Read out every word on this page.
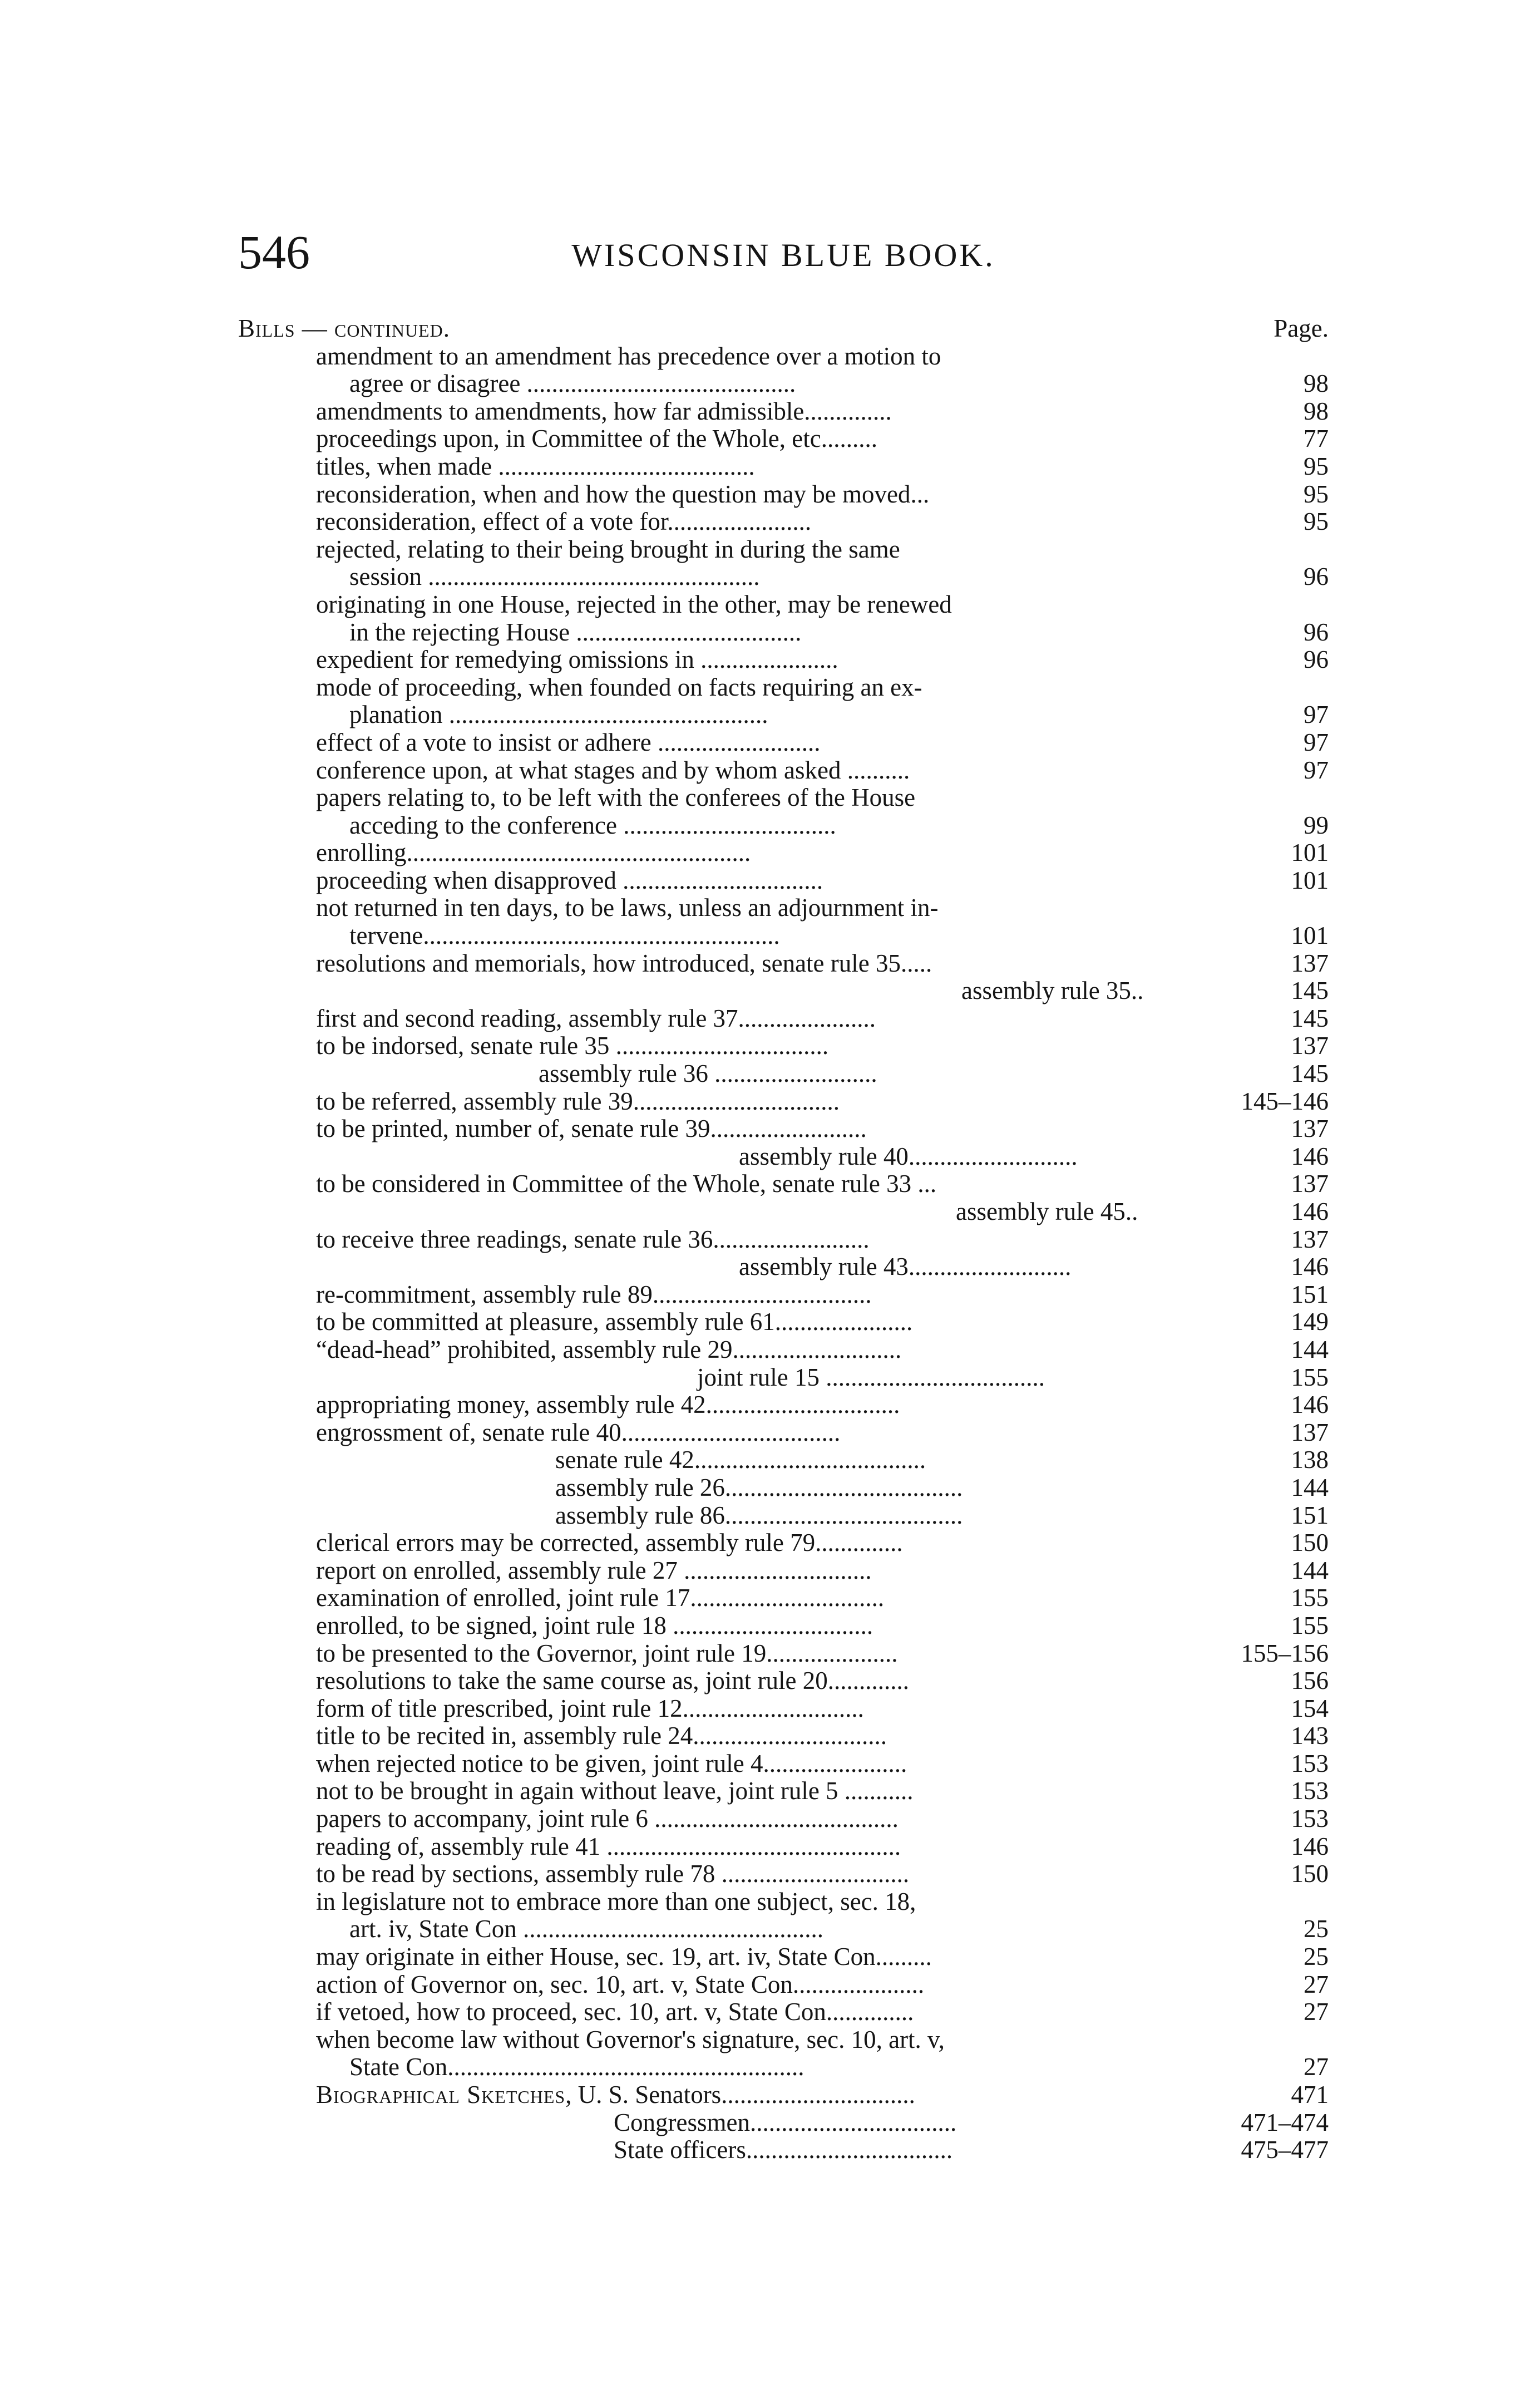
546	WISCONSIN BLUE BOOK.
Bills — continued.	Page.
amendment to an amendment has precedence over a motion to
agree or disagree ...........................................	98
amendments to amendments, how far admissible..............	98
proceedings upon, in Committee of the Whole, etc.........	77
titles, when made .........................................	95
reconsideration, when and how the question may be moved...	95
reconsideration, effect of a vote for.......................	95
rejected, relating to their being brought in during the same
session .....................................................	96
originating in one House, rejected in the other, may be renewed
in the rejecting House ....................................	96
expedient for remedying omissions in ......................	96
mode of proceeding, when founded on facts requiring an ex-
planation ...................................................	97
effect of a vote to insist or adhere ..........................	97
conference upon, at what stages and by whom asked ..........	97
papers relating to, to be left with the conferees of the House
acceding to the conference ..................................	99
enrolling.......................................................	101
proceeding when disapproved ................................	101
not returned in ten days, to be laws, unless an adjournment in-
tervene.........................................................	101
resolutions and memorials, how introduced, senate rule 35.....	137
assembly rule 35..	145
first and second reading, assembly rule 37......................	145
to be indorsed, senate rule 35 ..................................	137
assembly rule 36 ..........................	145
to be referred, assembly rule 39.................................	145–146
to be printed, number of, senate rule 39.........................	137
assembly rule 40...........................	146
to be considered in Committee of the Whole, senate rule 33 ...	137
assembly rule 45..	146
to receive three readings, senate rule 36.........................	137
assembly rule 43..........................	146
re-commitment, assembly rule 89...................................	151
to be committed at pleasure, assembly rule 61......................	149
“dead-head” prohibited, assembly rule 29...........................	144
joint rule 15 ...................................	155
appropriating money, assembly rule 42...............................	146
engrossment of, senate rule 40...................................	137
senate rule 42.....................................	138
assembly rule 26......................................	144
assembly rule 86......................................	151
clerical errors may be corrected, assembly rule 79..............	150
report on enrolled, assembly rule 27 ..............................	144
examination of enrolled, joint rule 17...............................	155
enrolled, to be signed, joint rule 18 ................................	155
to be presented to the Governor, joint rule 19.....................	155–156
resolutions to take the same course as, joint rule 20.............	156
form of title prescribed, joint rule 12.............................	154
title to be recited in, assembly rule 24...............................	143
when rejected notice to be given, joint rule 4.......................	153
not to be brought in again without leave, joint rule 5 ...........	153
papers to accompany, joint rule 6 .......................................	153
reading of, assembly rule 41 ...............................................	146
to be read by sections, assembly rule 78 ..............................	150
in legislature not to embrace more than one subject, sec. 18,
art. iv, State Con ................................................	25
may originate in either House, sec. 19, art. iv, State Con.........	25
action of Governor on, sec. 10, art. v, State Con.....................	27
if vetoed, how to proceed, sec. 10, art. v, State Con..............	27
when become law without Governor's signature, sec. 10, art. v,
State Con.........................................................	27
Biographical Sketches, U. S. Senators...............................	471
Congressmen.................................	471–474
State officers.................................	475–477
